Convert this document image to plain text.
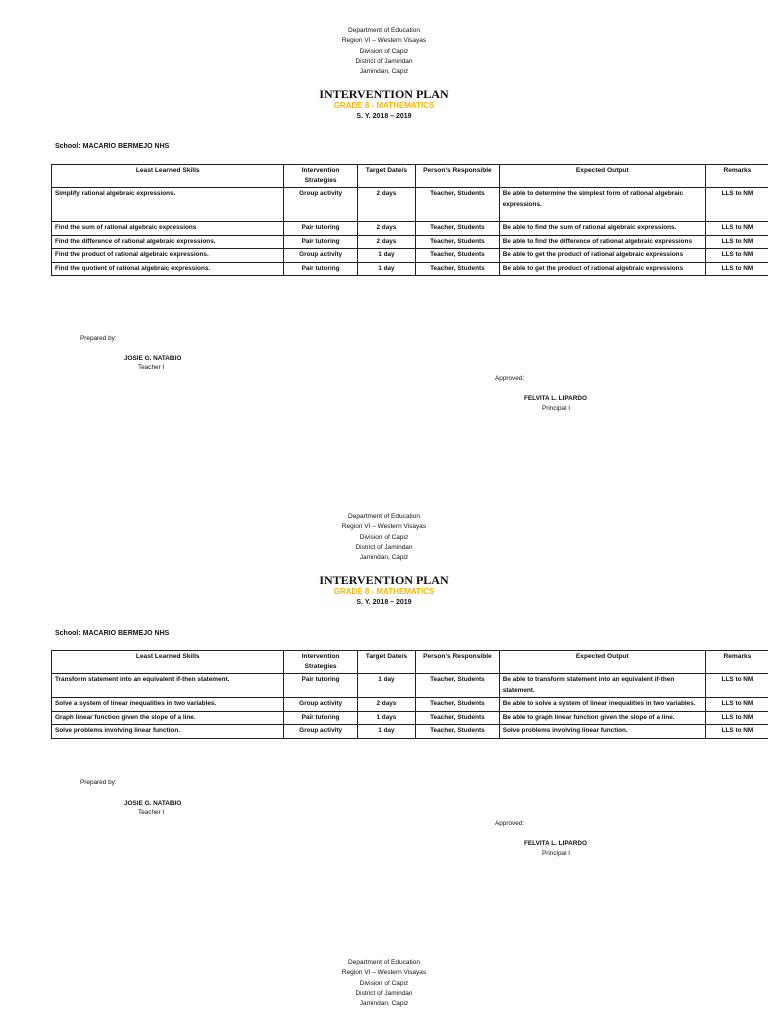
Department of Education
Region VI – Western Visayas
Division of Capiz
District of Jamindan
Jamindan, Capiz
INTERVENTION PLAN
GRADE 8 - MATHEMATICS
S. Y. 2018 – 2019
School: MACARIO BERMEJO NHS
Least Learned Skills	Intervention Strategies	Target Date/s	Person's Responsible	Expected Output	Remarks
Simplify rational algebraic expressions.	Group activity	2 days	Teacher, Students	Be able to determine the simplest form of rational algebraic expressions.	LLS to NM
Find the sum of rational algebraic expressions	Pair tutoring	2 days	Teacher, Students	Be able to find the sum of rational algebraic expressions.	LLS to NM
Find the difference of rational algebraic expressions.	Pair tutoring	2 days	Teacher, Students	Be able to find the difference of rational algebraic expressions	LLS to NM
Find the product of rational algebraic expressions.	Group activity	1 day	Teacher, Students	Be able to get the product of rational algebraic expressions	LLS to NM
Find the quotient of rational algebraic expressions.	Pair tutoring	1 day	Teacher, Students	Be able to get the product of rational algebraic expressions	LLS to NM
Prepared by:
JOSIE G. NATABIO
Teacher I
Approved:
FELVITA L. LIPARDO
Principal I
Department of Education
Region VI – Western Visayas
Division of Capiz
District of Jamindan
Jamindan, Capiz
INTERVENTION PLAN
GRADE 8 - MATHEMATICS
S. Y. 2018 – 2019
School: MACARIO BERMEJO NHS
Least Learned Skills	Intervention Strategies	Target Date/s	Person's Responsible	Expected Output	Remarks
Transform statement into an equivalent if-then statement.	Pair tutoring	1 day	Teacher, Students	Be able to transform statement into an equivalent if-then statement.	LLS to NM
Solve a system of linear inequalities in two variables.	Group activity	2 days	Teacher, Students	Be able to solve a system of linear inequalities in two variables.	LLS to NM
Graph linear function given the slope of a line.	Pair tutoring	1 days	Teacher, Students	Be able to graph linear function given the slope of a line.	LLS to NM
Solve problems involving linear function.	Group activity	1 day	Teacher, Students	Solve problems involving linear function.	LLS to NM
Prepared by:
JOSIE G. NATABIO
Teacher I
Approved:
FELVITA L. LIPARDO
Principal I
Department of Education
Region VI – Western Visayas
Division of Capiz
District of Jamindan
Jamindan, Capiz
